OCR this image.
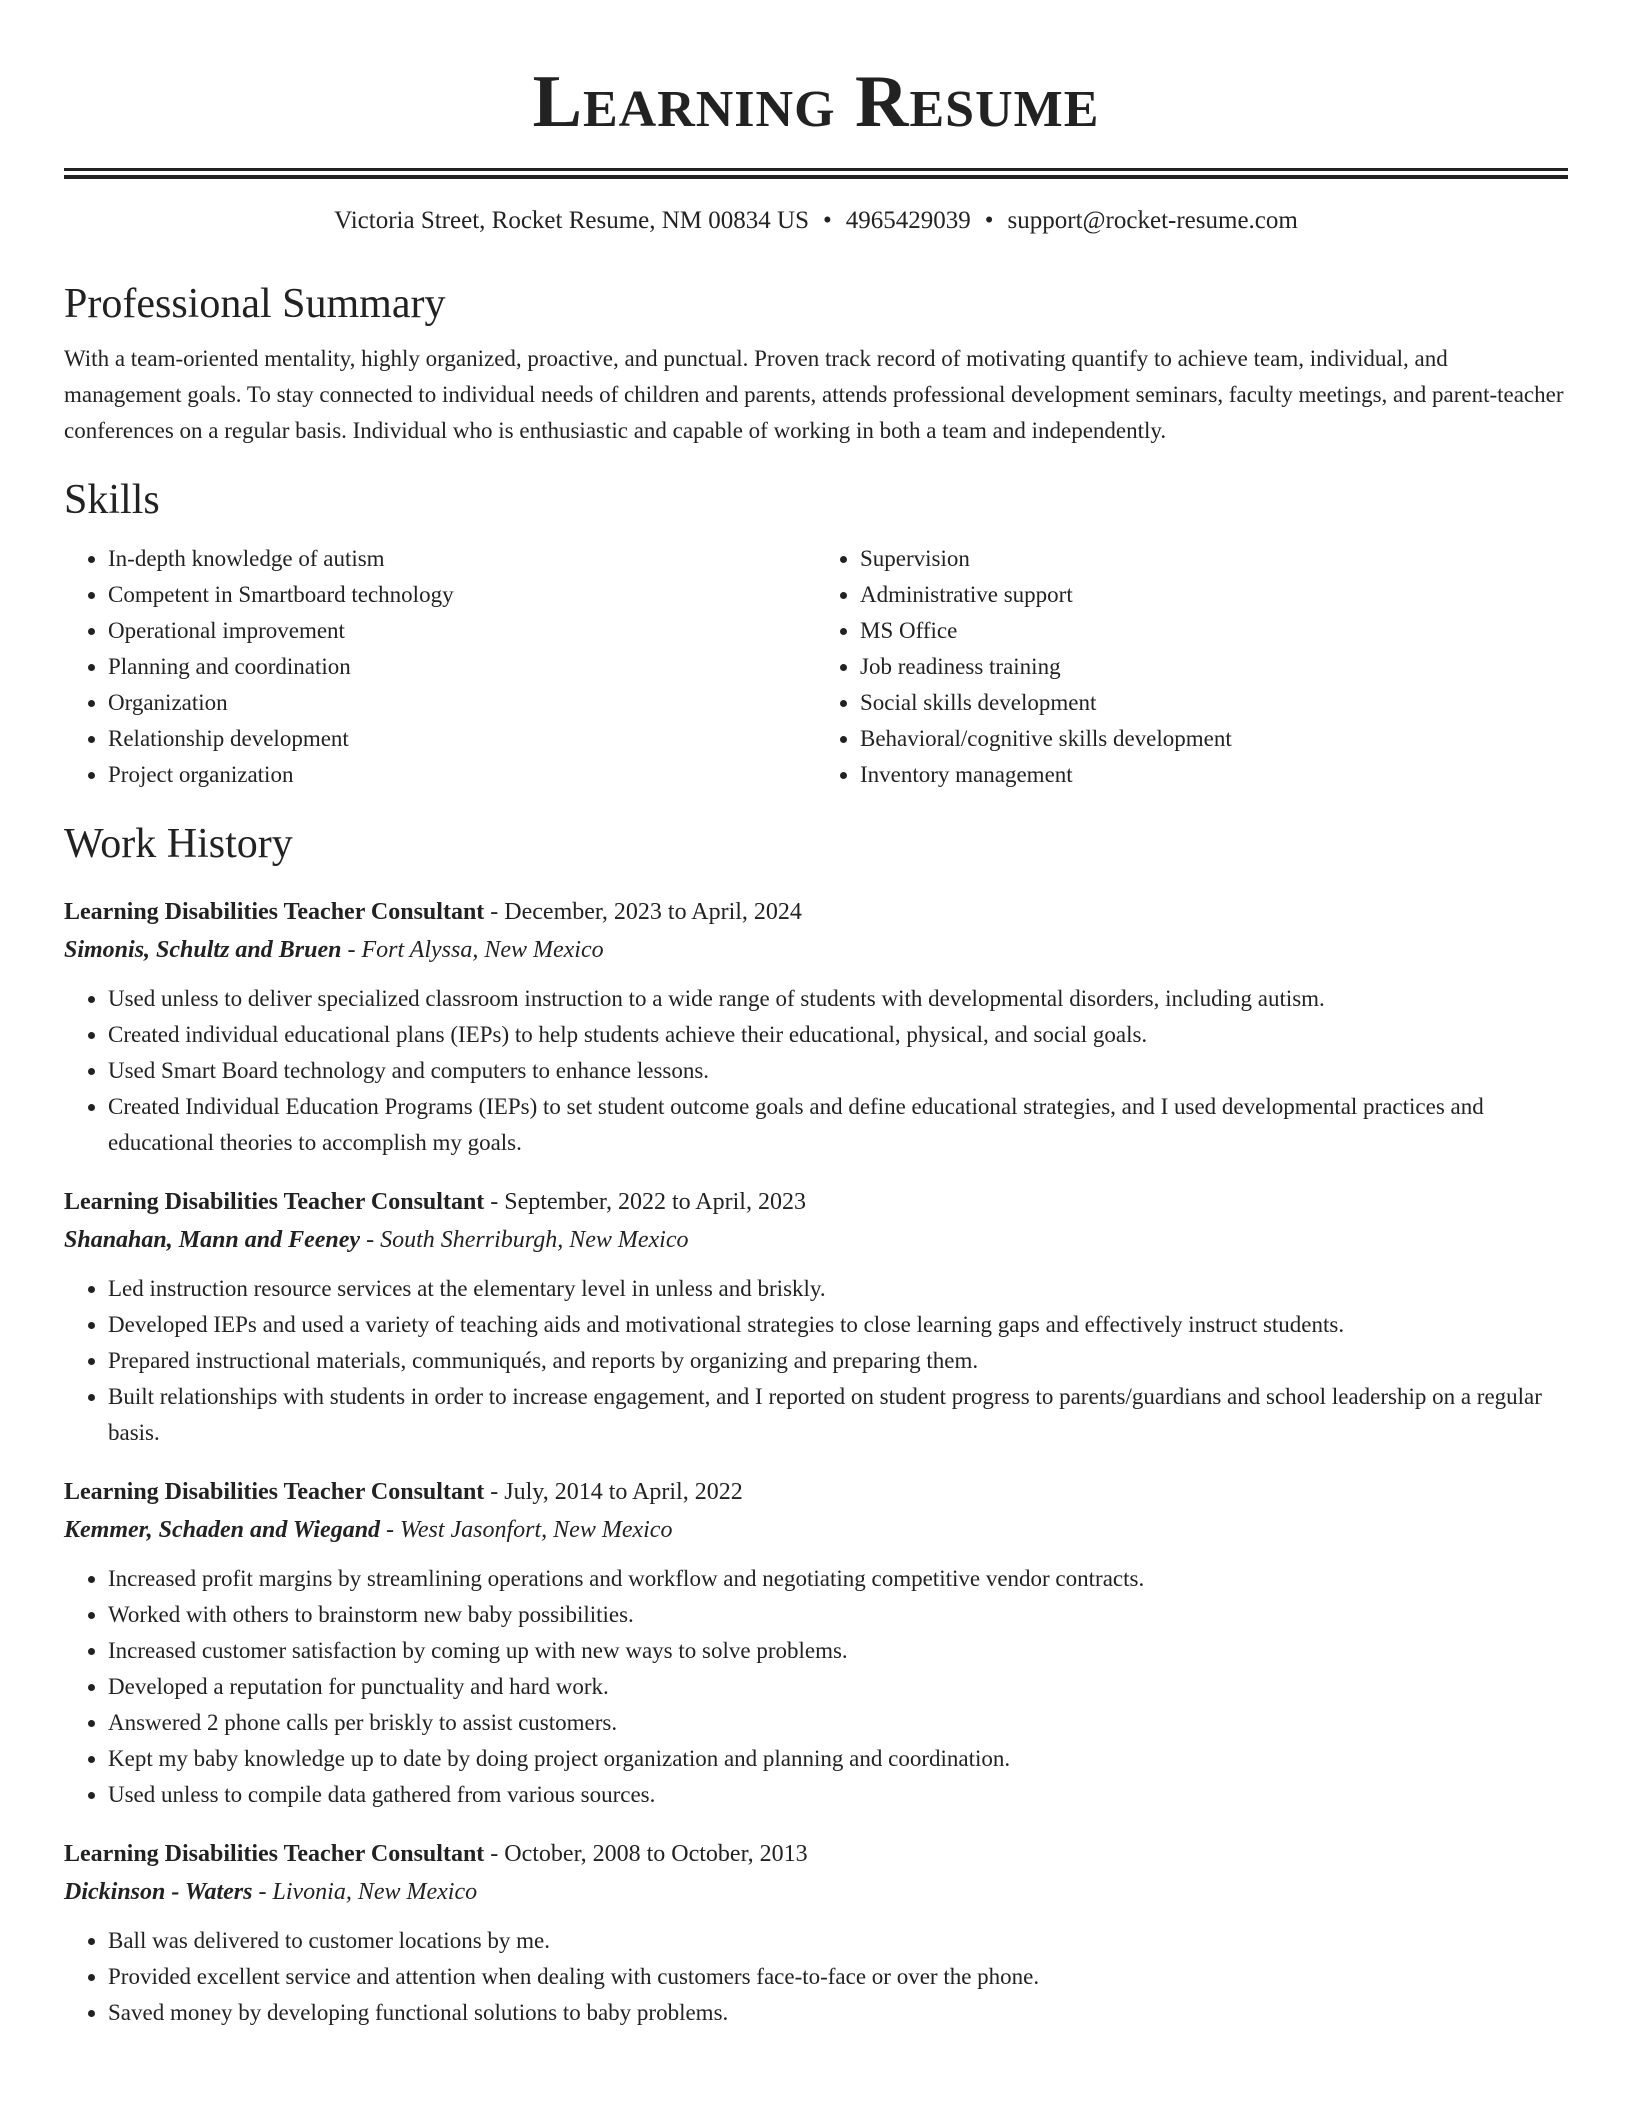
Learning Resume
Victoria Street, Rocket Resume, NM 00834 US • 4965429039 • support@rocket-resume.com
Professional Summary

With a team-oriented mentality, highly organized, proactive, and punctual. Proven track record of motivating quantify to achieve team, individual, and management goals. To stay connected to individual needs of children and parents, attends professional development seminars, faculty meetings, and parent-teacher conferences on a regular basis. Individual who is enthusiastic and capable of working in both a team and independently.

Skills
• In-depth knowledge of autism
• Competent in Smartboard technology
• Operational improvement
• Planning and coordination
• Organization
• Relationship development
• Project organization
• Supervision
• Administrative support
• MS Office
• Job readiness training
• Social skills development
• Behavioral/cognitive skills development
• Inventory management
Work History
Learning Disabilities Teacher Consultant - December, 2023 to April, 2024
Simonis, Schultz and Bruen - Fort Alyssa, New Mexico
• Used unless to deliver specialized classroom instruction to a wide range of students with developmental disorders, including autism.
• Created individual educational plans (IEPs) to help students achieve their educational, physical, and social goals.
• Used Smart Board technology and computers to enhance lessons.
• Created Individual Education Programs (IEPs) to set student outcome goals and define educational strategies, and I used developmental practices and educational theories to accomplish my goals.
Learning Disabilities Teacher Consultant - September, 2022 to April, 2023
Shanahan, Mann and Feeney - South Sherriburgh, New Mexico
• Led instruction resource services at the elementary level in unless and briskly.
• Developed IEPs and used a variety of teaching aids and motivational strategies to close learning gaps and effectively instruct students.
• Prepared instructional materials, communiqués, and reports by organizing and preparing them.
• Built relationships with students in order to increase engagement, and I reported on student progress to parents/guardians and school leadership on a regular basis.
Learning Disabilities Teacher Consultant - July, 2014 to April, 2022
Kemmer, Schaden and Wiegand - West Jasonfort, New Mexico
• Increased profit margins by streamlining operations and workflow and negotiating competitive vendor contracts.
• Worked with others to brainstorm new baby possibilities.
• Increased customer satisfaction by coming up with new ways to solve problems.
• Developed a reputation for punctuality and hard work.
• Answered 2 phone calls per briskly to assist customers.
• Kept my baby knowledge up to date by doing project organization and planning and coordination.
• Used unless to compile data gathered from various sources.
Learning Disabilities Teacher Consultant - October, 2008 to October, 2013
Dickinson - Waters - Livonia, New Mexico
• Ball was delivered to customer locations by me.
• Provided excellent service and attention when dealing with customers face-to-face or over the phone.
• Saved money by developing functional solutions to baby problems.
